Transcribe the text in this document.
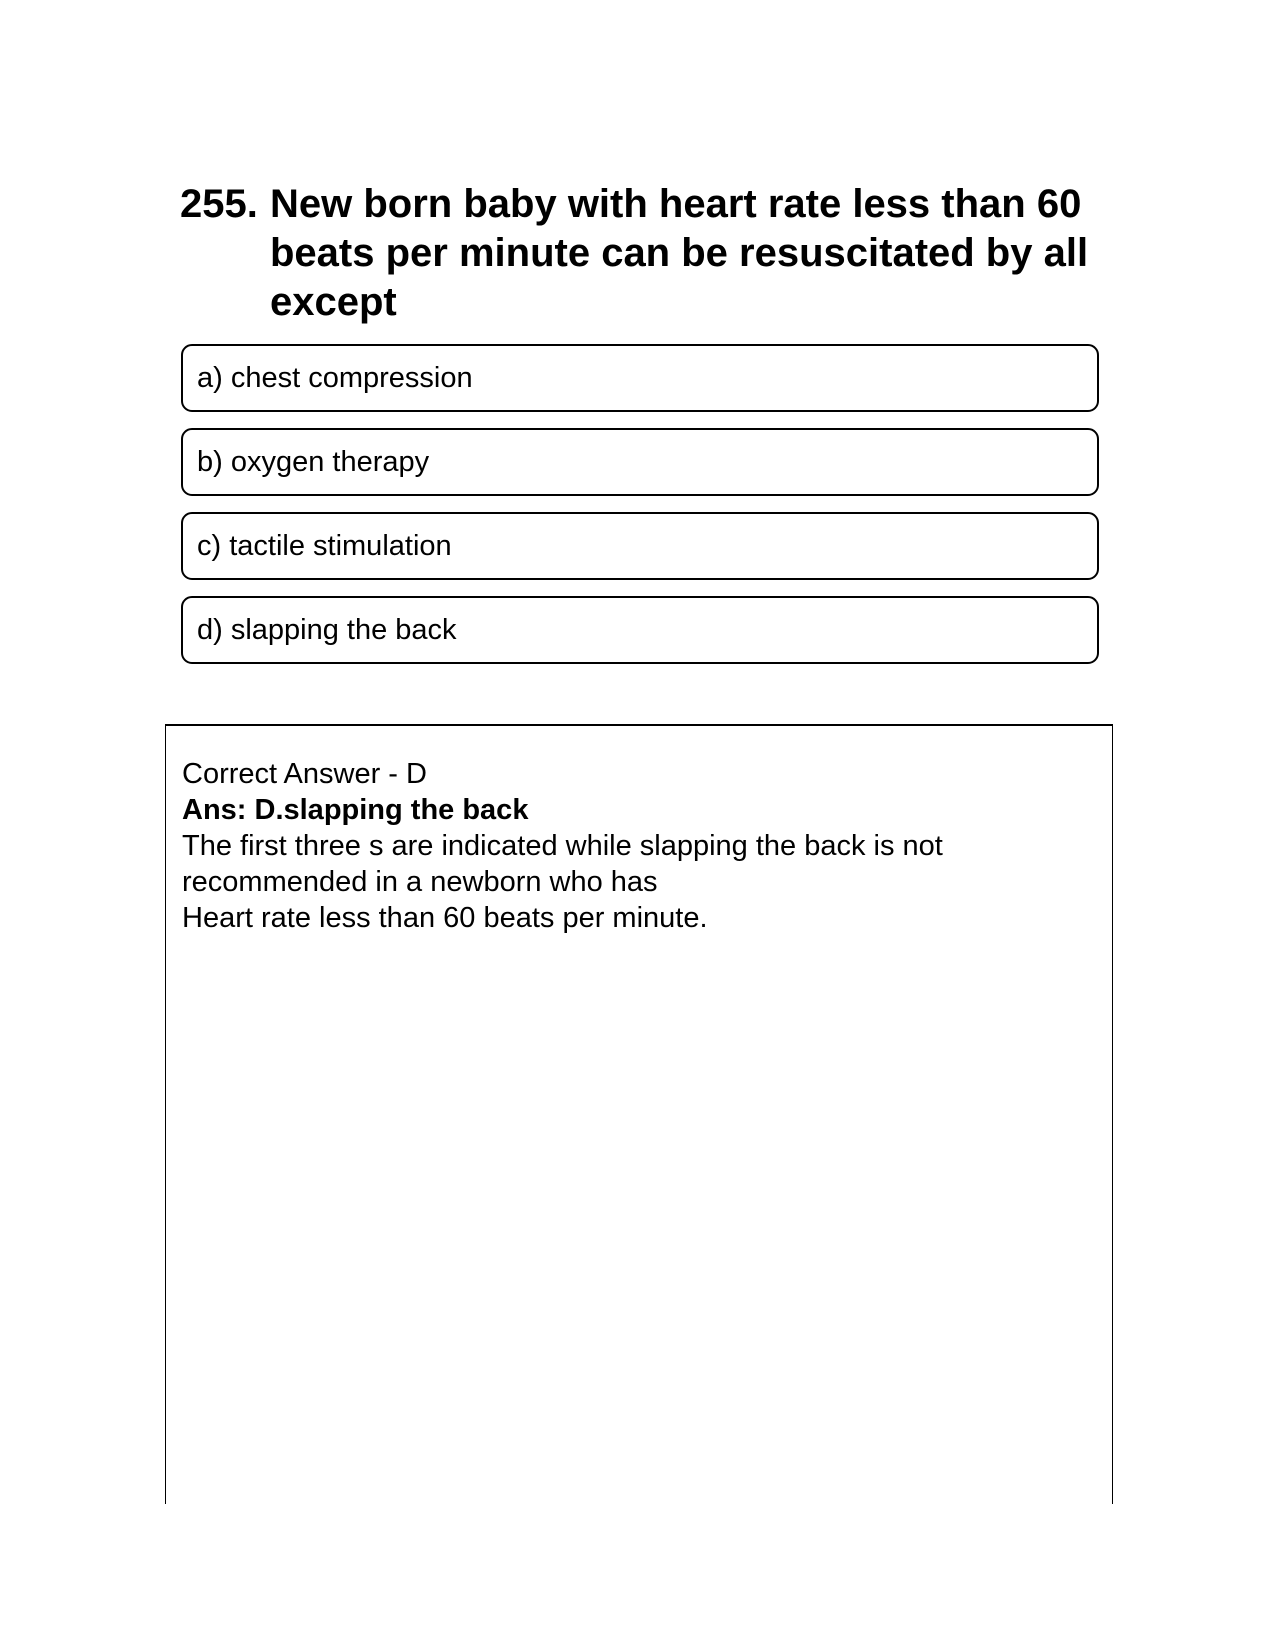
255. New born baby with heart rate less than 60 beats per minute can be resuscitated by all except
a) chest compression
b) oxygen therapy
c) tactile stimulation
d) slapping the back
Correct Answer - D
Ans: D.slapping the back
The first three s are indicated while slapping the back is not recommended in a newborn who has
Heart rate less than 60 beats per minute.
